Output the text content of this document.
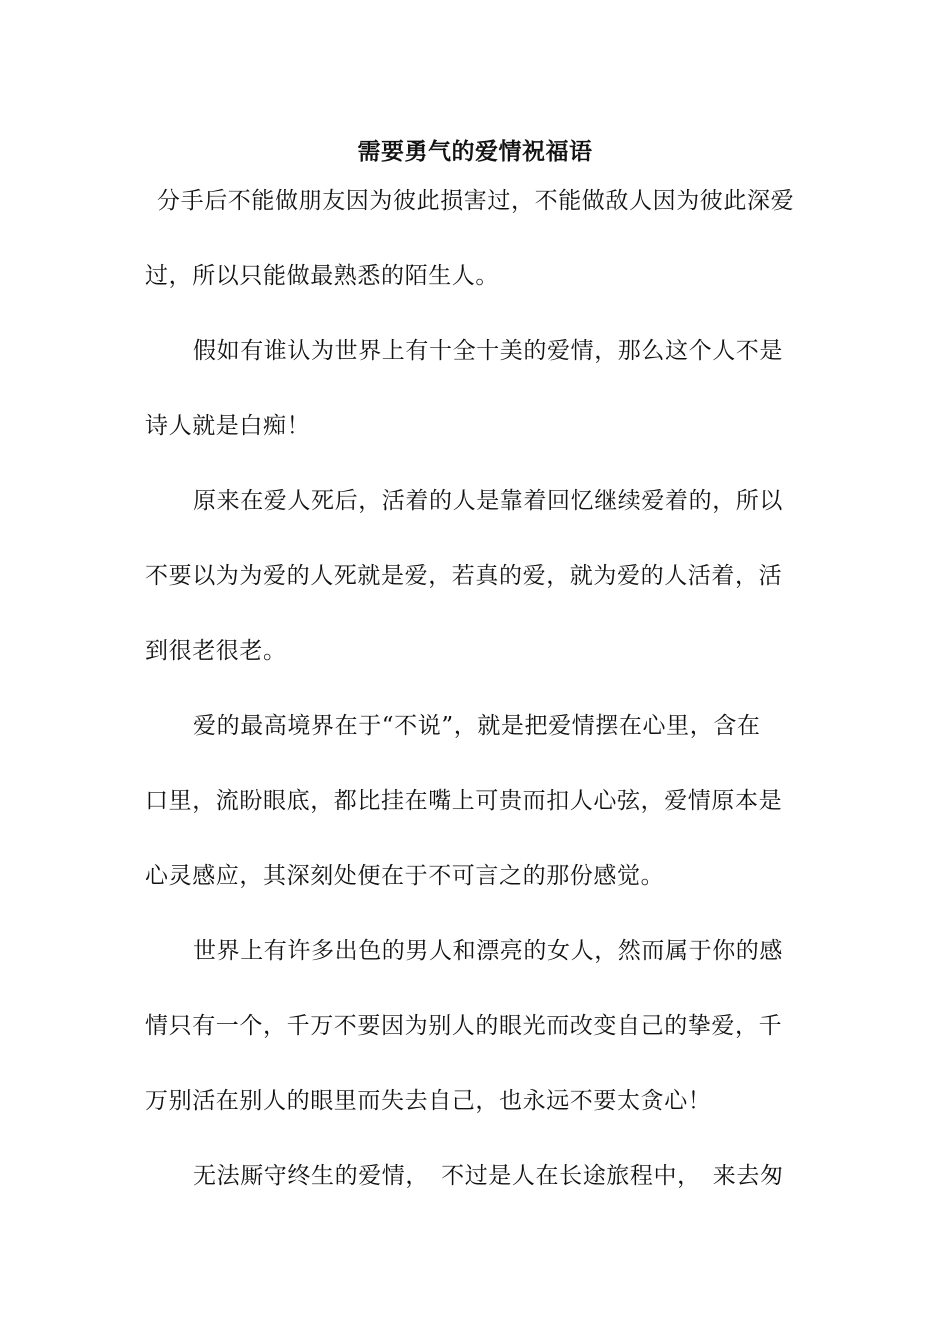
需要勇气的爱情祝福语
分手后不能做朋友因为彼此损害过，不能做敌人因为彼此深爱
过，所以只能做最熟悉的陌生人。
假如有谁认为世界上有十全十美的爱情，那么这个人不是
诗人就是白痴！
原来在爱人死后，活着的人是靠着回忆继续爱着的，所以
不要以为为爱的人死就是爱，若真的爱，就为爱的人活着，活
到很老很老。
爱的最高境界在于“不说”，就是把爱情摆在心里，含在
口里，流盼眼底，都比挂在嘴上可贵而扣人心弦，爱情原本是
心灵感应，其深刻处便在于不可言之的那份感觉。
世界上有许多出色的男人和漂亮的女人，然而属于你的感
情只有一个，千万不要因为别人的眼光而改变自己的挚爱，千
万别活在别人的眼里而失去自己，也永远不要太贪心！
无法厮守终生的爱情，　不过是人在长途旅程中，　来去匆
